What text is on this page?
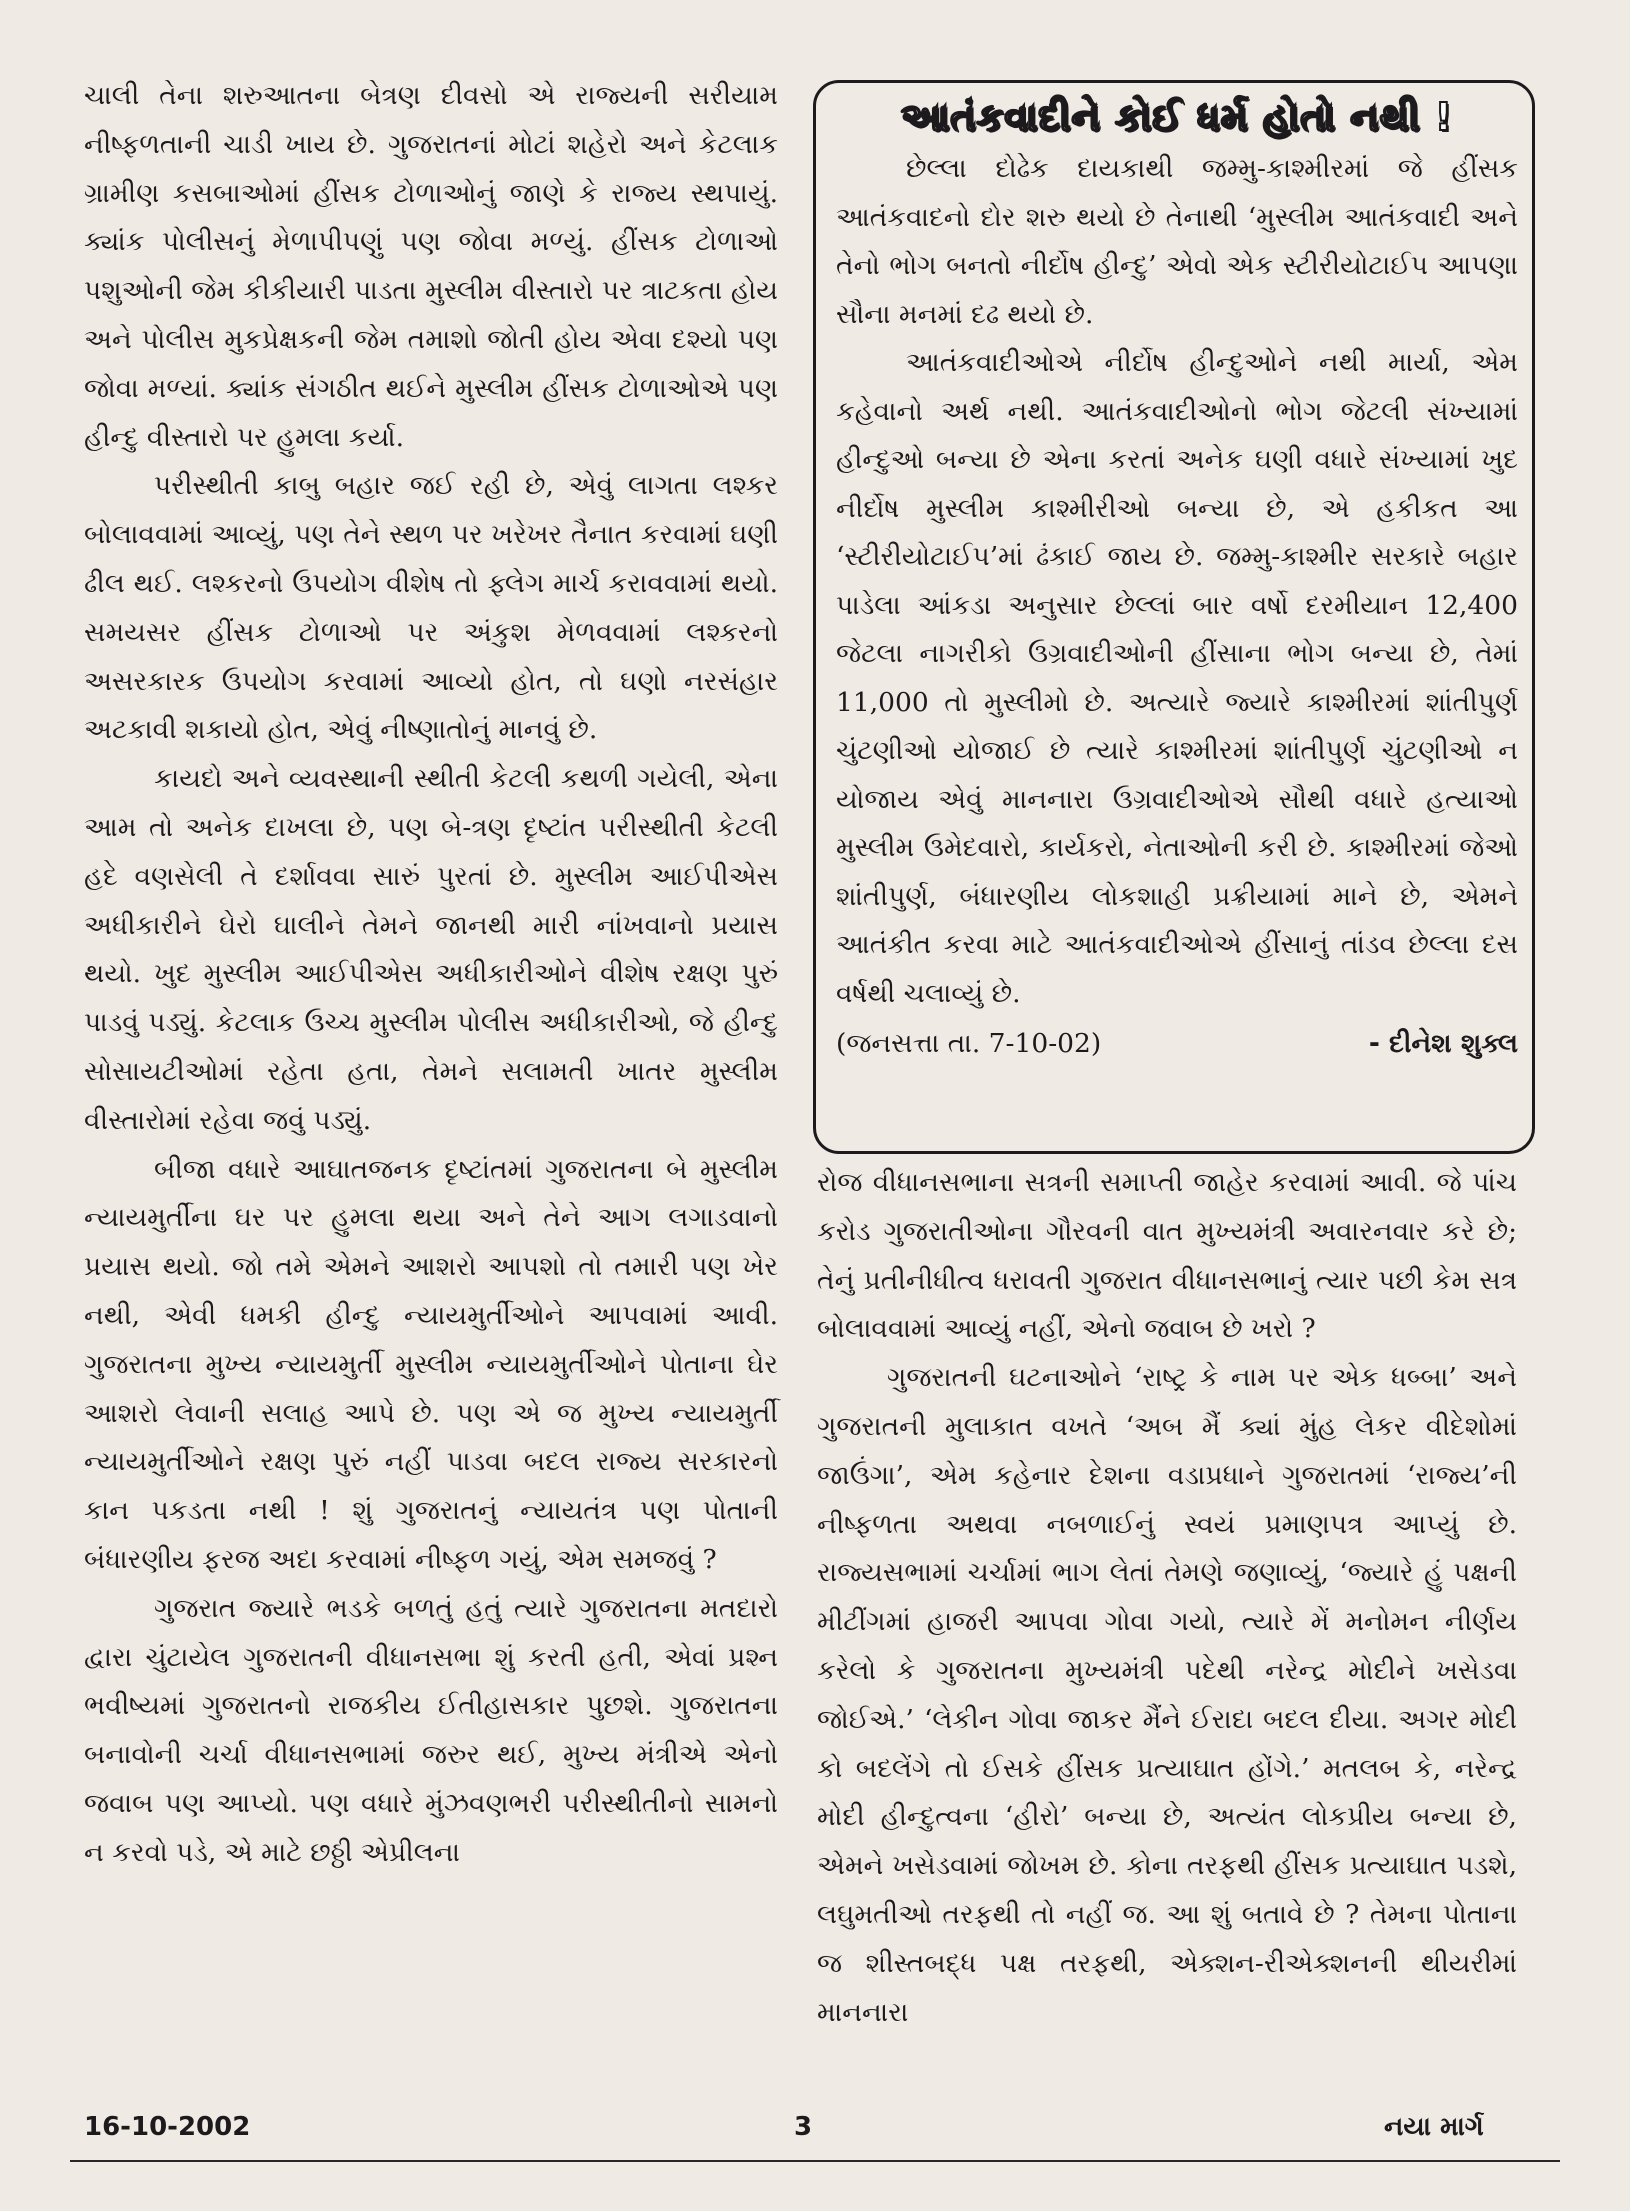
ચાલી તેના શરુઆતના બેત્રણ દીવસો એ રાજ્યની સરીયામ નીષ્ફળતાની ચાડી ખાય છે. ગુજરાતનાં મોટાં શહેરો અને કેટલાક ગ્રામીણ કસબાઓમાં હીંસક ટોળાઓનું જાણે કે રાજ્ય સ્થપાયું. ક્યાંક પોલીસનું મેળાપીપણું પણ જોવા મળ્યું. હીંસક ટોળાઓ પશુઓની જેમ કીકીયારી પાડતા મુસ્લીમ વીસ્તારો પર ત્રાટકતા હોય અને પોલીસ મુકપ્રેક્ષકની જેમ તમાશો જોતી હોય એવા દશ્યો પણ જોવા મળ્યાં. ક્યાંક સંગઠીત થઈને મુસ્લીમ હીંસક ટોળાઓએ પણ હીન્દુ વીસ્તારો પર હુમલા કર્યા.

પરીસ્થીતી કાબુ બહાર જઈ રહી છે, એવું લાગતા લશ્કર બોલાવવામાં આવ્યું, પણ તેને સ્થળ પર ખરેખર તૈનાત કરવામાં ઘણી ઢીલ થઈ. લશ્કરનો ઉપયોગ વીશેષ તો ફ્લેગ માર્ચ કરાવવામાં થયો. સમયસર હીંસક ટોળાઓ પર અંકુશ મેળવવામાં લશ્કરનો અસરકારક ઉપયોગ કરવામાં આવ્યો હોત, તો ઘણો નરસંહાર અટકાવી શકાયો હોત, એવું નીષ્ણાતોનું માનવું છે.

કાયદો અને વ્યવસ્થાની સ્થીતી કેટલી કથળી ગયેલી, એના આમ તો અનેક દાખલા છે, પણ બે-ત્રણ દૃષ્ટાંત પરીસ્થીતી કેટલી હદે વણસેલી તે દર્શાવવા સારું પુરતાં છે. મુસ્લીમ આઈપીએસ અધીકારીને ઘેરો ઘાલીને તેમને જાનથી મારી નાંખવાનો પ્રયાસ થયો. ખુદ મુસ્લીમ આઈપીએસ અધીકારીઓને વીશેષ રક્ષણ પુરું પાડવું પડ્યું. કેટલાક ઉચ્ચ મુસ્લીમ પોલીસ અધીકારીઓ, જે હીન્દુ સોસાયટીઓમાં રહેતા હતા, તેમને સલામતી ખાતર મુસ્લીમ વીસ્તારોમાં રહેવા જવું પડ્યું.

બીજા વધારે આઘાતજનક દૃષ્ટાંતમાં ગુજરાતના બે મુસ્લીમ ન્યાયમુર્તીના ઘર પર હુમલા થયા અને તેને આગ લગાડવાનો પ્રયાસ થયો. જો તમે એમને આશરો આપશો તો તમારી પણ ખેર નથી, એવી ધમકી હીન્દુ ન્યાયમુર્તીઓને આપવામાં આવી. ગુજરાતના મુખ્ય ન્યાયમુર્તી મુસ્લીમ ન્યાયમુર્તીઓને પોતાના ઘેર આશરો લેવાની સલાહ આપે છે. પણ એ જ મુખ્ય ન્યાયમુર્તી ન્યાયમુર્તીઓને રક્ષણ પુરું નહીં પાડવા બદલ રાજ્ય સરકારનો કાન પકડતા નથી ! શું ગુજરાતનું ન્યાયતંત્ર પણ પોતાની બંધારણીય ફરજ અદા કરવામાં નીષ્ફળ ગયું, એમ સમજવું ?

ગુજરાત જ્યારે ભડકે બળતું હતું ત્યારે ગુજરાતના મતદારો દ્વારા ચુંટાયેલ ગુજરાતની વીધાનસભા શું કરતી હતી, એવાં પ્રશ્ન ભવીષ્યમાં ગુજરાતનો રાજકીય ઈતીહાસકાર પુછશે. ગુજરાતના બનાવોની ચર્ચા વીધાનસભામાં જરુર થઈ, મુખ્ય મંત્રીએ એનો જવાબ પણ આપ્યો. પણ વધારે મુંઝવણભરી પરીસ્થીતીનો સામનો ન કરવો પડે, એ માટે છઠ્ઠી એપ્રીલના

આતંકવાદીને કોઈ ધર્મ હોતો નથી !

છેલ્લા દોઢેક દાયકાથી જમ્મુ-કાશ્મીરમાં જે હીંસક આતંકવાદનો દોર શરુ થયો છે તેનાથી ‘મુસ્લીમ આતંકવાદી અને તેનો ભોગ બનતો નીર્દોષ હીન્દુ’ એવો એક સ્ટીરીયોટાઈપ આપણા સૌના મનમાં દઢ થયો છે.

આતંકવાદીઓએ નીર્દોષ હીન્દુઓને નથી માર્યા, એમ કહેવાનો અર્થ નથી. આતંકવાદીઓનો ભોગ જેટલી સંખ્યામાં હીન્દુઓ બન્યા છે એના કરતાં અનેક ઘણી વધારે સંખ્યામાં ખુદ નીર્દોષ મુસ્લીમ કાશ્મીરીઓ બન્યા છે, એ હકીકત આ ‘સ્ટીરીયોટાઈપ’માં ઢંકાઈ જાય છે. જમ્મુ-કાશ્મીર સરકારે બહાર પાડેલા આંકડા અનુસાર છેલ્લાં બાર વર્ષો દરમીયાન 12,400 જેટલા નાગરીકો ઉગ્રવાદીઓની હીંસાના ભોગ બન્યા છે, તેમાં 11,000 તો મુસ્લીમો છે. અત્યારે જ્યારે કાશ્મીરમાં શાંતીપુર્ણ ચુંટણીઓ યોજાઈ છે ત્યારે કાશ્મીરમાં શાંતીપુર્ણ ચુંટણીઓ ન યોજાય એવું માનનારા ઉગ્રવાદીઓએ સૌથી વધારે હત્યાઓ મુસ્લીમ ઉમેદવારો, કાર્યકરો, નેતાઓની કરી છે. કાશ્મીરમાં જેઓ શાંતીપુર્ણ, બંધારણીય લોકશાહી પ્રક્રીયામાં માને છે, એમને આતંકીત કરવા માટે આતંકવાદીઓએ હીંસાનું તાંડવ છેલ્લા દસ વર્ષથી ચલાવ્યું છે.

(જનસત્તા તા. 7-10-02)	- દીનેશ શુક્લ

રોજ વીધાનસભાના સત્રની સમાપ્તી જાહેર કરવામાં આવી. જે પાંચ કરોડ ગુજરાતીઓના ગૌરવની વાત મુખ્યમંત્રી અવારનવાર કરે છે; તેનું પ્રતીનીધીત્વ ધરાવતી ગુજરાત વીધાનસભાનું ત્યાર પછી કેમ સત્ર બોલાવવામાં આવ્યું નહીં, એનો જવાબ છે ખરો ?

ગુજરાતની ઘટનાઓને ‘રાષ્ટ્ર કે નામ પર એક ધબ્બા’ અને ગુજરાતની મુલાકાત વખતે ‘અબ મૈં ક્યાં મુંહ લેકર વીદેશોમાં જાઉંગા’, એમ કહેનાર દેશના વડાપ્રધાને ગુજરાતમાં ‘રાજ્ય’ની નીષ્ફળતા અથવા નબળાઈનું સ્વયં પ્રમાણપત્ર આપ્યું છે. રાજ્યસભામાં ચર્ચામાં ભાગ લેતાં તેમણે જણાવ્યું, ‘જ્યારે હું પક્ષની મીટીંગમાં હાજરી આપવા ગોવા ગયો, ત્યારે મેં મનોમન નીર્ણય કરેલો કે ગુજરાતના મુખ્યમંત્રી પદેથી નરેન્દ્ર મોદીને ખસેડવા જોઈએ.’ ‘લેકીન ગોવા જાકર મૈંને ઈરાદા બદલ દીયા. અગર મોદી કો બદલેંગે તો ઈસકે હીંસક પ્રત્યાઘાત હોંગે.’ મતલબ કે, નરેન્દ્ર મોદી હીન્દુત્વના ‘હીરો’ બન્યા છે, અત્યંત લોકપ્રીય બન્યા છે, એમને ખસેડવામાં જોખમ છે. કોના તરફથી હીંસક પ્રત્યાઘાત પડશે, લઘુમતીઓ તરફથી તો નહીં જ. આ શું બતાવે છે ? તેમના પોતાના જ શીસ્તબદ્ધ પક્ષ તરફથી, એક્શન-રીએક્શનની થીયરીમાં માનનારા

16-10-2002	3	નયા માર્ગ
